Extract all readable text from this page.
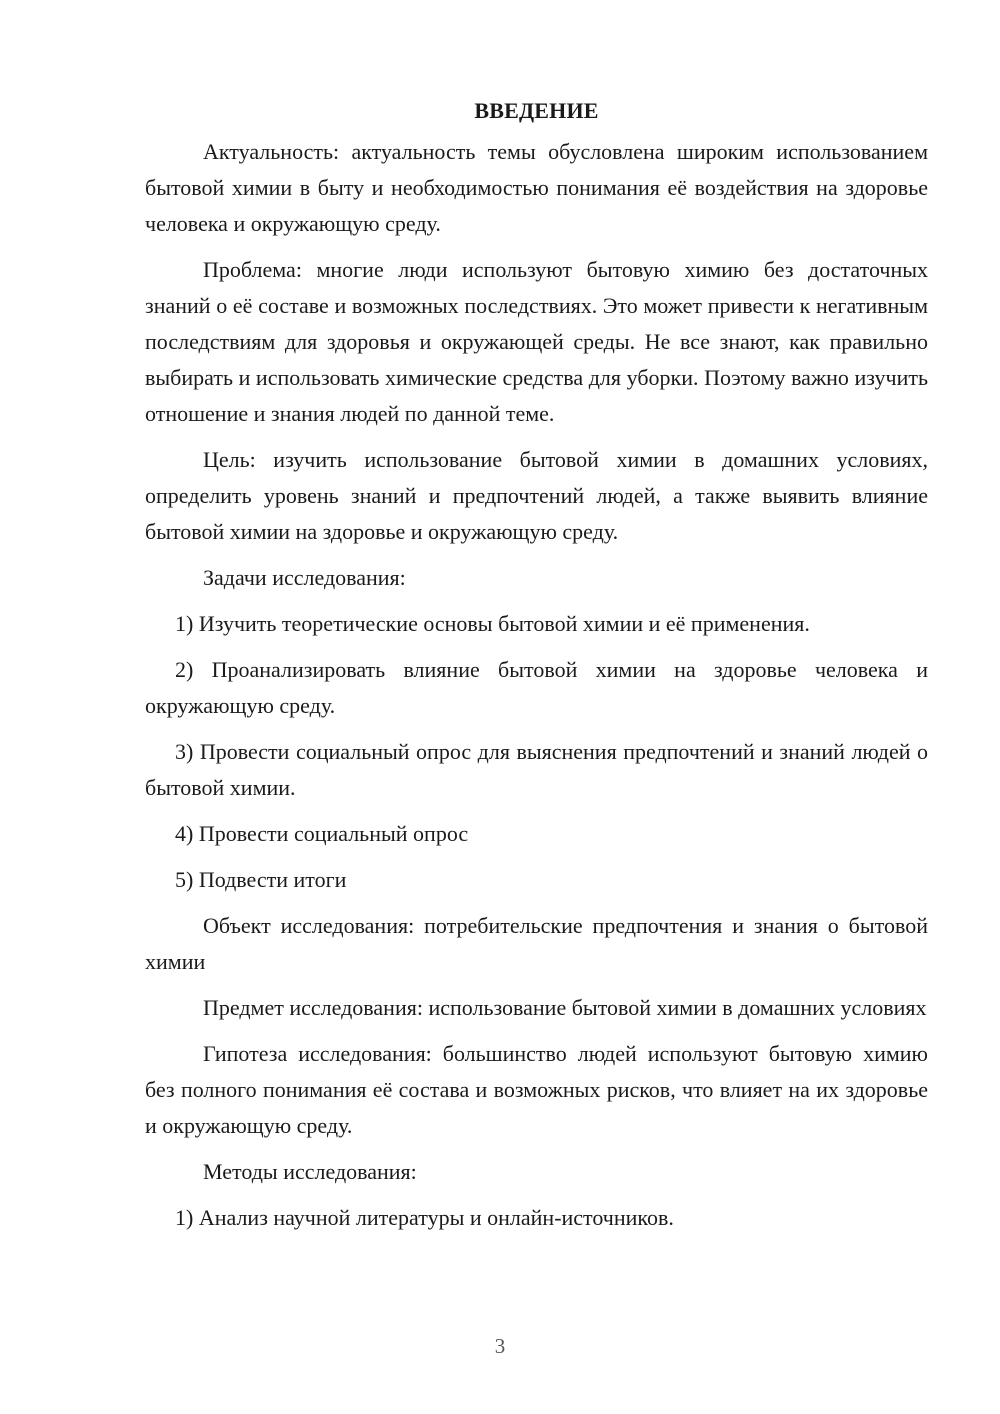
ВВЕДЕНИЕ

Актуальность: актуальность темы обусловлена широким использованием бытовой химии в быту и необходимостью понимания её воздействия на здоровье человека и окружающую среду.

Проблема: многие люди используют бытовую химию без достаточных знаний о её составе и возможных последствиях. Это может привести к негативным последствиям для здоровья и окружающей среды. Не все знают, как правильно выбирать и использовать химические средства для уборки. Поэтому важно изучить отношение и знания людей по данной теме.

Цель: изучить использование бытовой химии в домашних условиях, определить уровень знаний и предпочтений людей, а также выявить влияние бытовой химии на здоровье и окружающую среду.

Задачи исследования:

1) Изучить теоретические основы бытовой химии и её применения.

2) Проанализировать влияние бытовой химии на здоровье человека и окружающую среду.

3) Провести социальный опрос для выяснения предпочтений и знаний людей о бытовой химии.

4) Провести социальный опрос

5) Подвести итоги

Объект исследования: потребительские предпочтения и знания о бытовой химии

Предмет исследования: использование бытовой химии в домашних условиях

Гипотеза исследования: большинство людей используют бытовую химию без полного понимания её состава и возможных рисков, что влияет на их здоровье и окружающую среду.

Методы исследования:

1) Анализ научной литературы и онлайн-источников.

3
